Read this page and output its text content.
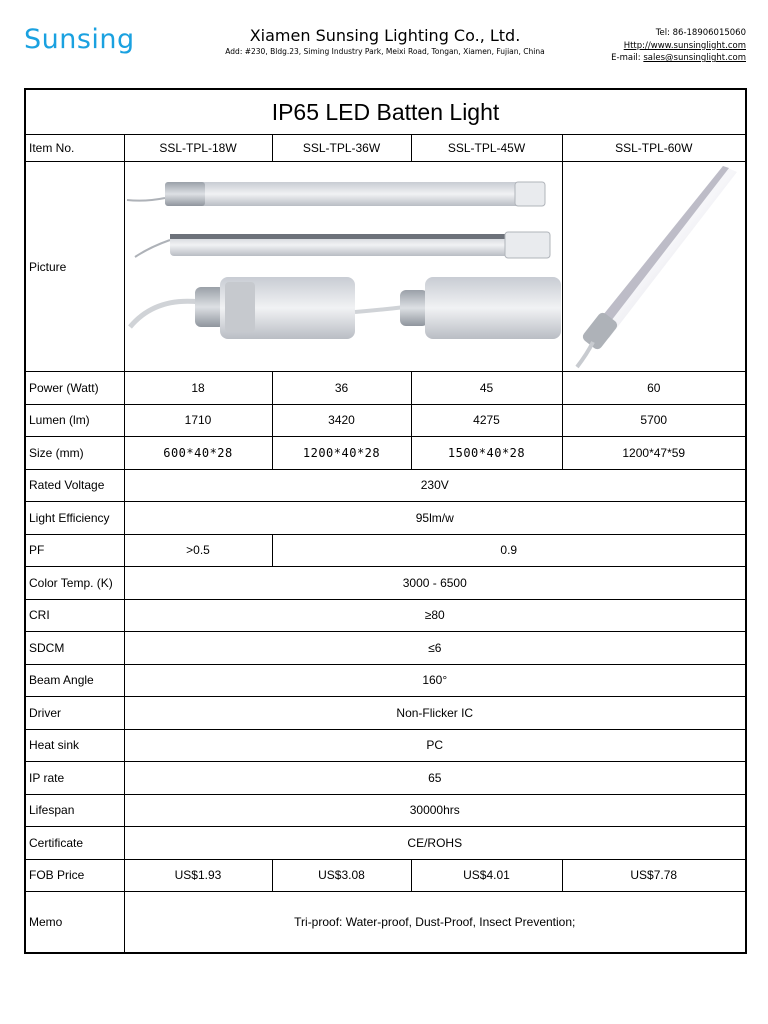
Sunsing	Xiamen Sunsing Lighting Co., Ltd.
Add: #230, Bldg.23, Siming Industry Park, Meixi Road, Tongan, Xiamen, Fujian, China
Tel: 86-18906015060
Http://www.sunsinglight.com
E-mail: sales@sunsinglight.com
IP65 LED Batten Light				
Item No.	SSL-TPL-18W	SSL-TPL-36W	SSL-TPL-45W	SSL-TPL-60W
Picture	

Power (Watt)	18	36	45	60
Lumen (lm)	1710	3420	4275	5700
Size (mm)	600*40*28	1200*40*28	1500*40*28	1200*47*59
Rated Voltage	230V			
Light Efficiency	95lm/w			
PF	>0.5	0.9		
Color Temp. (K)	3000 - 6500			
CRI	≥80			
SDCM	≤6			
Beam Angle	160°			
Driver	Non-Flicker IC			
Heat sink	PC			
IP rate	65			
Lifespan	30000hrs			
Certificate	CE/ROHS			
FOB Price	US$1.93	US$3.08	US$4.01	US$7.78
Memo	Tri-proof: Water-proof, Dust-Proof, Insect Prevention;			
